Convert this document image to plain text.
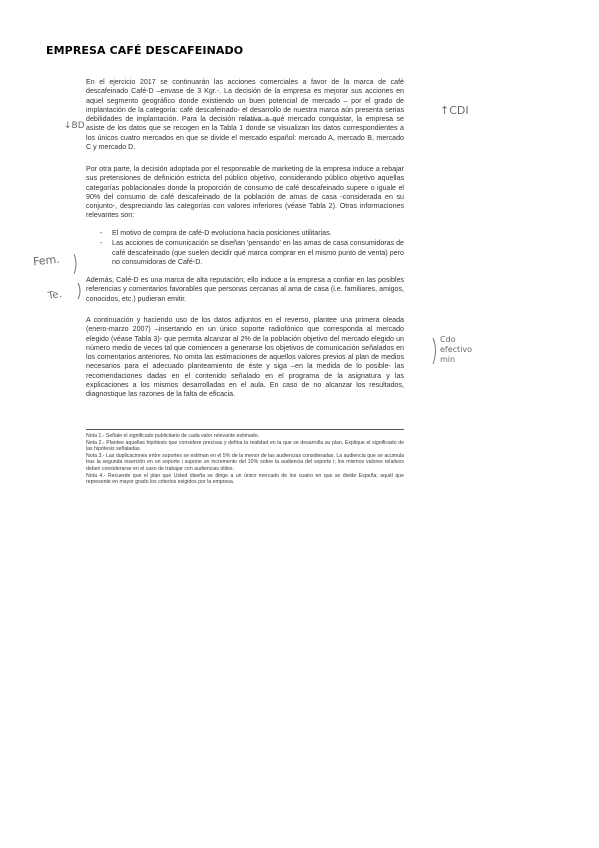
EMPRESA CAFÉ DESCAFEINADO

En el ejercicio 2017 se continuarán las acciones comerciales a favor de la marca de café descafeinado Café-D –envase de 3 Kgr.-. La decisión de la empresa es mejorar sus acciones en aquel segmento geográfico donde existiendo un buen potencial de mercado – por el grado de implantación de la categoría: café descafeinado- el desarrollo de nuestra marca aún presenta serias debilidades de implantación. Para la decisión relativa a qué mercado conquistar, la empresa se asiste de los datos que se recogen en la Tabla 1 donde se visualizan los datos correspondientes a los únicos cuatro mercados en que se divide el mercado español: mercado A, mercado B, mercado C y mercado D.

Por otra parte, la decisión adoptada por el responsable de marketing de la empresa induce a rebajar sus pretensiones de definición estricta del público objetivo, considerando público objetivo aquellas categorías poblacionales donde la proporción de consumo de café descafeinado supere o iguale el 90% del consumo de café descafeinado de la población de amas de casa -considerada en su conjunto-, despreciando las categorías con valores inferiores (véase Tabla 2). Otras informaciones relevantes son:

- El motivo de compra de café-D evoluciona hacia posiciones utilitarias.
- Las acciones de comunicación se diseñan 'pensando' en las amas de casa consumidoras de café descafeinado (que suelen decidir qué marca comprar en el mismo punto de venta) pero no consumidoras de Café-D.

Además, Café-D es una marca de alta reputación; ello induce a la empresa a confiar en las posibles referencias y comentarios favorables que personas cercanas al ama de casa (i.e. familiares, amigos, conocidos, etc.) pudieran emitir.

A continuación y haciendo uso de los datos adjuntos en el reverso, plantee una primera oleada (enero-marzo 2007) –insertando en un único soporte radiofónico que corresponda al mercado elegido (véase Tabla 3)- que permita alcanzar al 2% de la población objetivo del mercado elegido un número medio de veces tal que comiencen a generarse los objetivos de comunicación señalados en los comentarios anteriores. No omita las estimaciones de aquellos valores previos al plan de medios necesarios para el adecuado planteamiento de éste y siga –en la medida de lo posible- las recomendaciones dadas en el contenido señalado en el programa de la asignatura y las explicaciones a los mismos desarrolladas en el aula. En caso de no alcanzar los resultados, diagnostique las razones de la falta de eficacia.

Nota 1.- Señale el significado publicitario de cada valor relevante estimado.
Nota 2.- Plantee aquellas hipótesis que considere precisas y defina la realidad en la que se desarrolla su plan. Explique el significado de las hipótesis señaladas.
Nota 3.- Las duplicaciones entre soportes se estiman en el 5% de la menor de las audiencias consideradas. La audiencia que se acumula tras la segunda inserción en un soporte i supone un incremento del 10% sobre la audiencia del soporte i; los mismos valores relativos deben considerarse en el caso de trabajar con audiencias útiles.
Nota 4.- Recuerde que el plan que Usted diseña se dirige a un único mercado de los cuatro en que se divide España; aquél que represente en mayor grado los criterios exigidos por la empresa.
↑CDI
↓BD
Fem.
Te.
Cdo efectivo min
